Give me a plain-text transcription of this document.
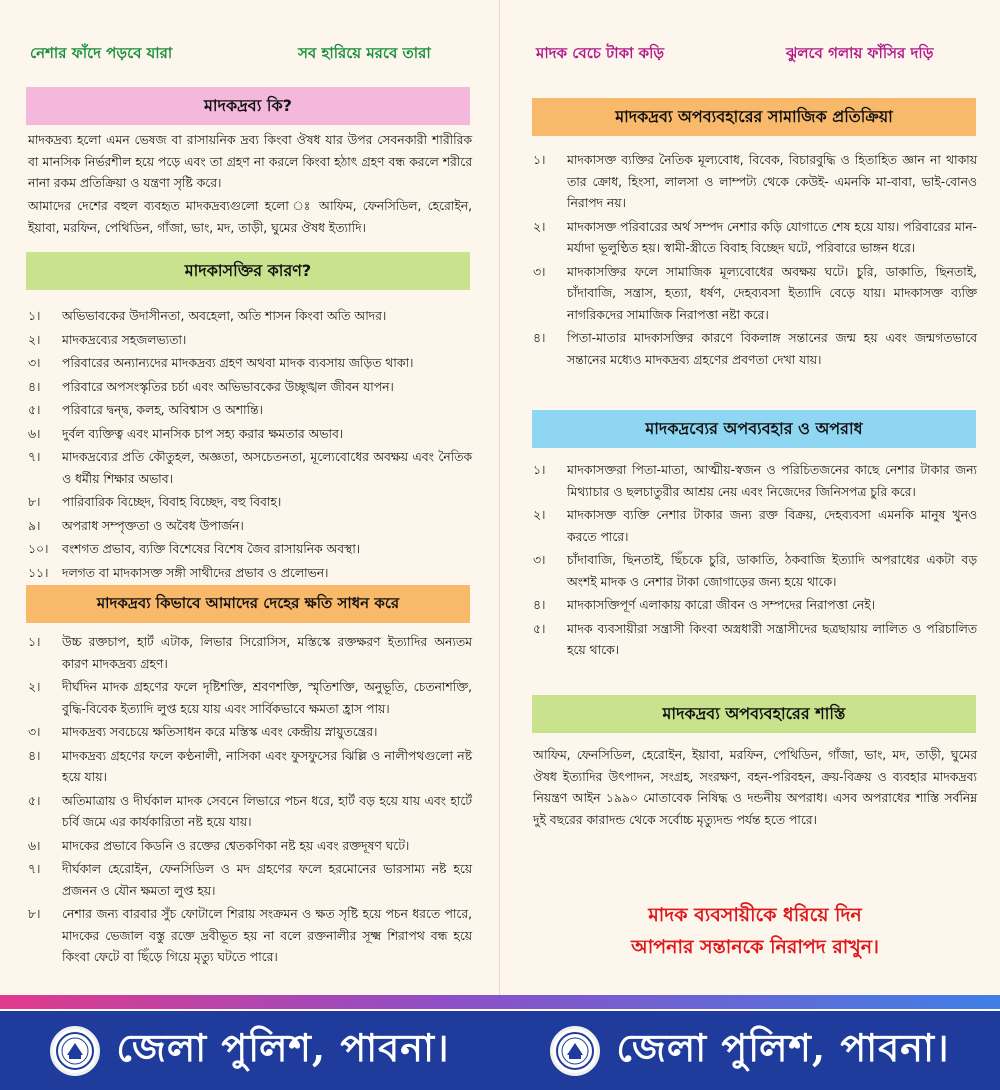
নেশার ফাঁদে পড়বে যারা	সব হারিয়ে মরবে তারা
মাদকদ্রব্য কি?
মাদকদ্রব্য হলো এমন ভেষজ বা রাসায়নিক দ্রব্য কিংবা ঔষধ যার উপর সেবনকারী শারীরিক বা মানসিক নির্ভরশীল হয়ে পড়ে এবং তা গ্রহণ না করলে কিংবা হঠাৎ গ্রহণ বন্ধ করলে শরীরে নানা রকম প্রতিক্রিয়া ও যন্ত্রণা সৃষ্টি করে।
আমাদের দেশের বহুল ব্যবহৃত মাদকদ্রব্যগুলো হলো ঃ আফিম, ফেনসিডিল, হেরোইন, ইয়াবা, মরফিন, পেথিডিন, গাঁজা, ভাং, মদ, তাড়ী, ঘুমের ঔষধ ইত্যাদি।
মাদকাসক্তির কারণ?
১।	অভিভাবকের উদাসীনতা, অবহেলা, অতি শাসন কিংবা অতি আদর।
২।	মাদকদ্রব্যের সহজলভ্যতা।
৩।	পরিবারের অন্যান্যদের মাদকদ্রব্য গ্রহণ অথবা মাদক ব্যবসায় জড়িত থাকা।
৪।	পরিবারে অপসংস্কৃতির চর্চা এবং অভিভাবকের উচ্ছৃঙ্খল জীবন যাপন।
৫।	পরিবারে দ্বন্দ্ব, কলহ, অবিশ্বাস ও অশান্তি।
৬।	দুর্বল ব্যক্তিত্ব এবং মানসিক চাপ সহ্য করার ক্ষমতার অভাব।
৭।	মাদকদ্রব্যের প্রতি কৌতুহল, অজ্ঞতা, অসচেতনতা, মূল্যেবোধের অবক্ষয় এবং নৈতিক ও ধর্মীয় শিক্ষার অভাব।
৮।	পারিবারিক বিচ্ছেদ, বিবাহ বিচ্ছেদ, বহু বিবাহ।
৯।	অপরাধ সম্পৃক্ততা ও অবৈধ উপার্জন।
১০।	বংশগত প্রভাব, ব্যক্তি বিশেষের বিশেষ জৈব রাসায়নিক অবস্থা।
১১।	দলগত বা মাদকাসক্ত সঙ্গী সাথীদের প্রভাব ও প্রলোভন।
মাদকদ্রব্য কিভাবে আমাদের দেহের ক্ষতি সাধন করে
১।	উচ্চ রক্তচাপ, হার্ট এটাক, লিভার সিরোসিস, মস্তিস্কে রক্তক্ষরণ ইত্যাদির অন্যতম কারণ মাদকদ্রব্য গ্রহণ।
২।	দীর্ঘদিন মাদক গ্রহণের ফলে দৃষ্টিশক্তি, শ্রবণশক্তি, স্মৃতিশক্তি, অনুভূতি, চেতনাশক্তি, বুদ্ধি-বিবেক ইত্যাদি লুপ্ত হয়ে যায় এবং সার্বিকভাবে ক্ষমতা হ্রাস পায়।
৩।	মাদকদ্রব্য সবচেয়ে ক্ষতিসাধন করে মস্তিস্ক এবং কেন্দ্রীয় স্নায়ুতন্ত্রের।
৪।	মাদকদ্রব্য গ্রহণের ফলে কণ্ঠনালী, নাসিকা এবং ফুসফুসের ঝিল্লি ও নালীপথগুলো নষ্ট হয়ে যায়।
৫।	অতিমাত্রায় ও দীর্ঘকাল মাদক সেবনে লিভারে পচন ধরে, হার্ট বড় হয়ে যায় এবং হার্টে চর্বি জমে এর কার্যকারিতা নষ্ট হয়ে যায়।
৬।	মাদকের প্রভাবে কিডনি ও রক্তের শ্বেতকণিকা নষ্ট হয় এবং রক্তদূষণ ঘটে।
৭।	দীর্ঘকাল হেরোইন, ফেনসিডিল ও মদ গ্রহণের ফলে হরমোনের ভারসাম্য নষ্ট হয়ে প্রজনন ও যৌন ক্ষমতা লুপ্ত হয়।
৮।	নেশার জন্য বারবার সুঁচ ফোটালে শিরায় সংক্রমন ও ক্ষত সৃষ্টি হয়ে পচন ধরতে পারে, মাদকের ভেজাল বস্তু রক্তে দ্রবীভূত হয় না বলে রক্তনালীর সূক্ষ্ম শিরাপথ বন্ধ হয়ে কিংবা ফেটে বা ছিঁড়ে গিয়ে মৃত্যু ঘটতে পারে।
মাদক বেচে টাকা কড়ি	ঝুলবে গলায় ফাঁসির দড়ি
মাদকদ্রব্য অপব্যবহারের সামাজিক প্রতিক্রিয়া
১।	মাদকাসক্ত ব্যক্তির নৈতিক মূল্যবোধ, বিবেক, বিচারবুদ্ধি ও হিতাহিত জ্ঞান না থাকায় তার ক্রোধ, হিংসা, লালসা ও লাম্পট্য থেকে কেউই- এমনকি মা-বাবা, ভাই-বোনও নিরাপদ নয়।
২।	মাদকাসক্ত পরিবারের অর্থ সম্পদ নেশার কড়ি যোগাতে শেষ হয়ে যায়। পরিবারের মান-মর্যাদা ভূলুণ্ঠিত হয়। স্বামী-স্ত্রীতে বিবাহ বিচ্ছেদ ঘটে, পরিবারে ভাঙ্গন ধরে।
৩।	মাদকাসক্তির ফলে সামাজিক মূল্যবোধের অবক্ষয় ঘটে। চুরি, ডাকাতি, ছিনতাই, চাঁদাবাজি, সন্ত্রাস, হত্যা, ধর্ষণ, দেহব্যবসা ইত্যাদি বেড়ে যায়। মাদকাসক্ত ব্যক্তি নাগরিকদের সামাজিক নিরাপত্তা নষ্টা করে।
৪।	পিতা-মাতার মাদকাসক্তির কারণে বিকলাঙ্গ সন্তানের জন্ম হয় এবং জন্মগতভাবে সন্তানের মধ্যেও মাদকদ্রব্য গ্রহণের প্রবণতা দেখা যায়।
মাদকদ্রব্যের অপব্যবহার ও অপরাধ
১।	মাদকাসক্তরা পিতা-মাতা, আত্মীয়-স্বজন ও পরিচিতজনের কাছে নেশার টাকার জন্য মিথ্যাচার ও ছলচাতুরীর আশ্রয় নেয় এবং নিজেদের জিনিসপত্র চুরি করে।
২।	মাদকাসক্ত ব্যক্তি নেশার টাকার জন্য রক্ত বিক্রয়, দেহব্যবসা এমনকি মানুষ খুনও করতে পারে।
৩।	চাঁদাবাজি, ছিনতাই, ছিঁচকে চুরি, ডাকাতি, ঠকবাজি ইত্যাদি অপরাধের একটা বড় অংশই মাদক ও নেশার টাকা জোগাড়ের জন্য হয়ে থাকে।
৪।	মাদকাসক্তিপূর্ণ এলাকায় কারো জীবন ও সম্পদের নিরাপত্তা নেই।
৫।	মাদক ব্যবসায়ীরা সন্ত্রাসী কিংবা অস্ত্রধারী সন্ত্রাসীদের ছত্রছায়ায় লালিত ও পরিচালিত হয়ে থাকে।
মাদকদ্রব্য অপব্যবহারের শাস্তি
আফিম, ফেনসিডিল, হেরোইন, ইয়াবা, মরফিন, পেথিডিন, গাঁজা, ভাং, মদ, তাড়ী, ঘুমের ঔষধ ইত্যাদির উৎপাদন, সংগ্রহ, সংরক্ষণ, বহন-পরিবহন, ক্রয়-বিক্রয় ও ব্যবহার মাদকদ্রব্য নিয়ন্ত্রণ আইন ১৯৯০ মোতাবেক নিষিদ্ধ ও দন্ডনীয় অপরাধ। এসব অপরাধের শাস্তি সর্বনিম্ন দুই বছরের কারাদন্ড থেকে সর্বোচ্চ মৃত্যুদন্ড পর্যন্ত হতে পারে।
মাদক ব্যবসায়ীকে ধরিয়ে দিন
আপনার সন্তানকে নিরাপদ রাখুন।
জেলা পুলিশ, পাবনা।	জেলা পুলিশ, পাবনা।
